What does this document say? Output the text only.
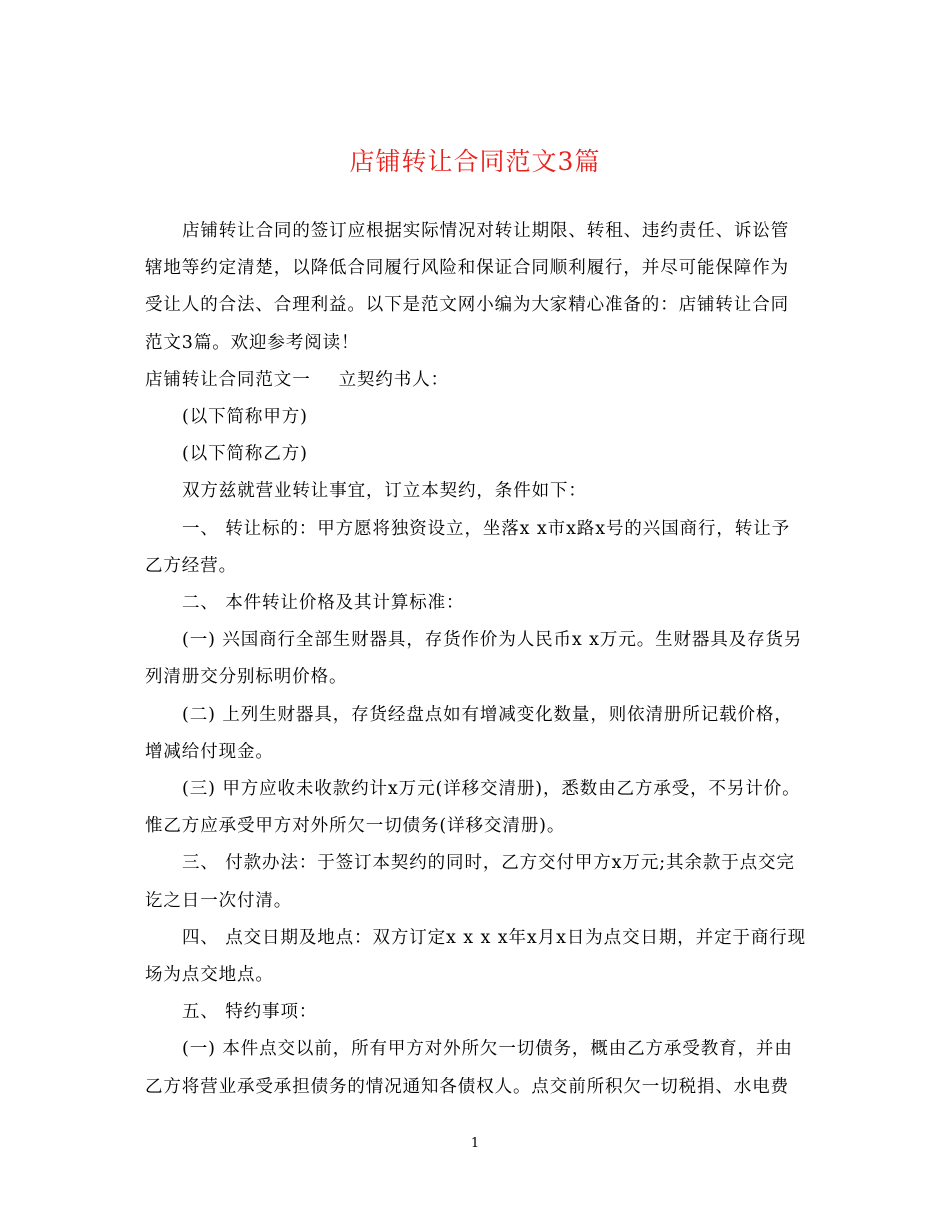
店铺转让合同范文3篇

店铺转让合同的签订应根据实际情况对转让期限、转租、违约责任、诉讼管辖地等约定清楚，以降低合同履行风险和保证合同顺利履行，并尽可能保障作为受让人的合法、合理利益。以下是范文网小编为大家精心准备的：店铺转让合同范文3篇。欢迎参考阅读！

店铺转让合同范文一 立契约书人：

(以下简称甲方)

(以下简称乙方)

双方兹就营业转让事宜，订立本契约，条件如下：

一、 转让标的：甲方愿将独资设立，坐落x x市x路x号的兴国商行，转让予乙方经营。

二、 本件转让价格及其计算标准：

(一) 兴国商行全部生财器具，存货作价为人民币x x万元。生财器具及存货另列清册交分别标明价格。

(二) 上列生财器具，存货经盘点如有增减变化数量，则依清册所记载价格，增减给付现金。

(三) 甲方应收未收款约计x万元(详移交清册)，悉数由乙方承受，不另计价。惟乙方应承受甲方对外所欠一切债务(详移交清册)。

三、 付款办法：于签订本契约的同时，乙方交付甲方x万元;其余款于点交完讫之日一次付清。

四、 点交日期及地点：双方订定x x x x年x月x日为点交日期，并定于商行现场为点交地点。

五、 特约事项：

(一) 本件点交以前，所有甲方对外所欠一切债务，概由乙方承受教育，并由乙方将营业承受承担债务的情况通知各债权人。点交前所积欠一切税捐、水电费

1
